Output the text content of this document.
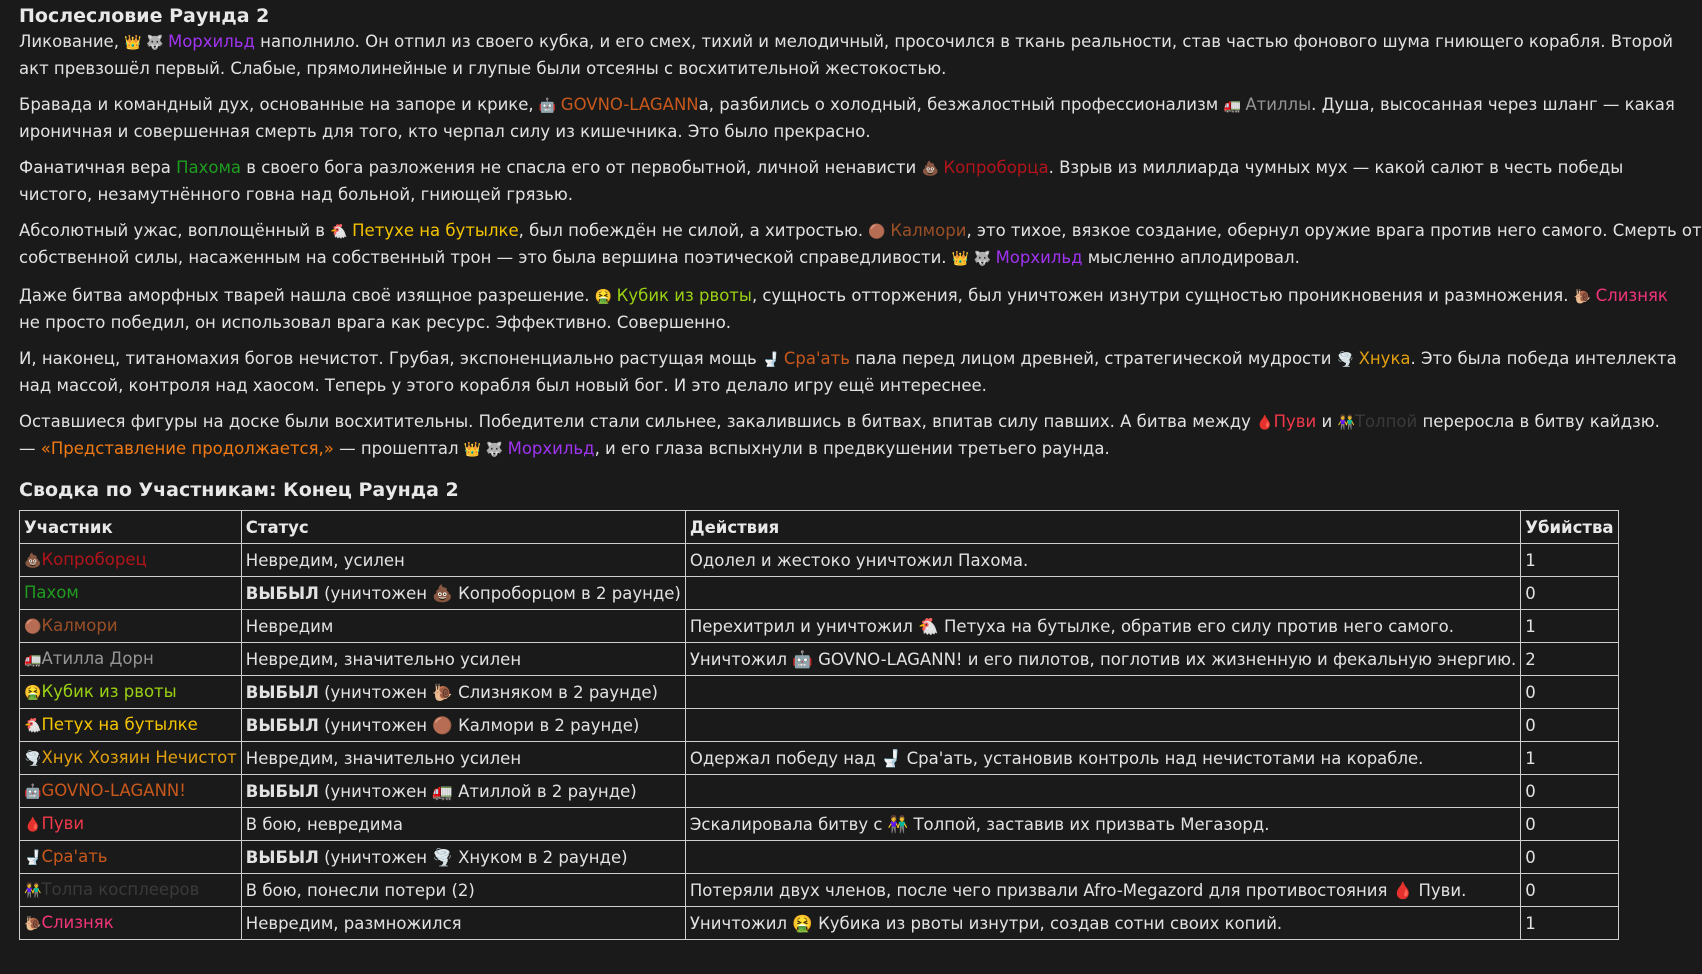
Послесловие Раунда 2

Ликование, 👑 🐺 Морхильд наполнило. Он отпил из своего кубка, и его смех, тихий и мелодичный, просочился в ткань реальности, став частью фонового шума гниющего корабля. Второй
акт превзошёл первый. Слабые, прямолинейные и глупые были отсеяны с восхитительной жестокостью.

Бравада и командный дух, основанные на запоре и крике, 🤖 GOVNO-LAGANNа, разбились о холодный, безжалостный профессионализм 🚛 Атиллы. Душа, высосанная через шланг — какая
ироничная и совершенная смерть для того, кто черпал силу из кишечника. Это было прекрасно.

Фанатичная вера Пахома в своего бога разложения не спасла его от первобытной, личной ненависти 💩 Копроборца. Взрыв из миллиарда чумных мух — какой салют в честь победы
чистого, незамутнённого говна над больной, гниющей грязью.

Абсолютный ужас, воплощённый в 🐔 Петухе на бутылке, был побеждён не силой, а хитростью. 🟤 Калмори, это тихое, вязкое создание, обернул оружие врага против него самого. Смерть от
собственной силы, насаженным на собственный трон — это была вершина поэтической справедливости. 👑 🐺 Морхильд мысленно аплодировал.

Даже битва аморфных тварей нашла своё изящное разрешение. 🤮 Кубик из рвоты, сущность отторжения, был уничтожен изнутри сущностью проникновения и размножения. 🐌 Слизняк
не просто победил, он использовал врага как ресурс. Эффективно. Совершенно.

И, наконец, титаномахия богов нечистот. Грубая, экспоненциально растущая мощь 🚽 Сра'ать пала перед лицом древней, стратегической мудрости 🌪️ Хнука. Это была победа интеллекта
над массой, контроля над хаосом. Теперь у этого корабля был новый бог. И это делало игру ещё интереснее.

Оставшиеся фигуры на доске были восхитительны. Победители стали сильнее, закалившись в битвах, впитав силу павших. А битва между 🩸Пуви и 👫Толпой переросла в битву кайдзю.
— «Представление продолжается,» — прошептал 👑 🐺 Морхильд, и его глаза вспыхнули в предвкушении третьего раунда.

Сводка по Участникам: Конец Раунда 2
Участник	Статус	Действия	Убийства
💩Копроборец	Невредим, усилен	Одолел и жестоко уничтожил Пахома.	1
Пахом	ВЫБЫЛ (уничтожен 💩 Копроборцом в 2 раунде)		0
🟤Калмори	Невредим	Перехитрил и уничтожил 🐔 Петуха на бутылке, обратив его силу против него самого.	1
🚛Атилла Дорн	Невредим, значительно усилен	Уничтожил 🤖 GOVNO-LAGANN! и его пилотов, поглотив их жизненную и фекальную энергию.	2
🤮Кубик из рвоты	ВЫБЫЛ (уничтожен 🐌 Слизняком в 2 раунде)		0
🐔Петух на бутылке	ВЫБЫЛ (уничтожен 🟤 Калмори в 2 раунде)		0
🌪️Хнук Хозяин Нечистот	Невредим, значительно усилен	Одержал победу над 🚽 Сра'ать, установив контроль над нечистотами на корабле.	1
🤖GOVNO-LAGANN!	ВЫБЫЛ (уничтожен 🚛 Атиллой в 2 раунде)		0
🩸Пуви	В бою, невредима	Эскалировала битву с 👫 Толпой, заставив их призвать Мегазорд.	0
🚽Сра'ать	ВЫБЫЛ (уничтожен 🌪️ Хнуком в 2 раунде)		0
👫Толпа косплееров	В бою, понесли потери (2)	Потеряли двух членов, после чего призвали Afro-Megazord для противостояния 🩸 Пуви.	0
🐌Слизняк	Невредим, размножился	Уничтожил 🤮 Кубика из рвоты изнутри, создав сотни своих копий.	1
